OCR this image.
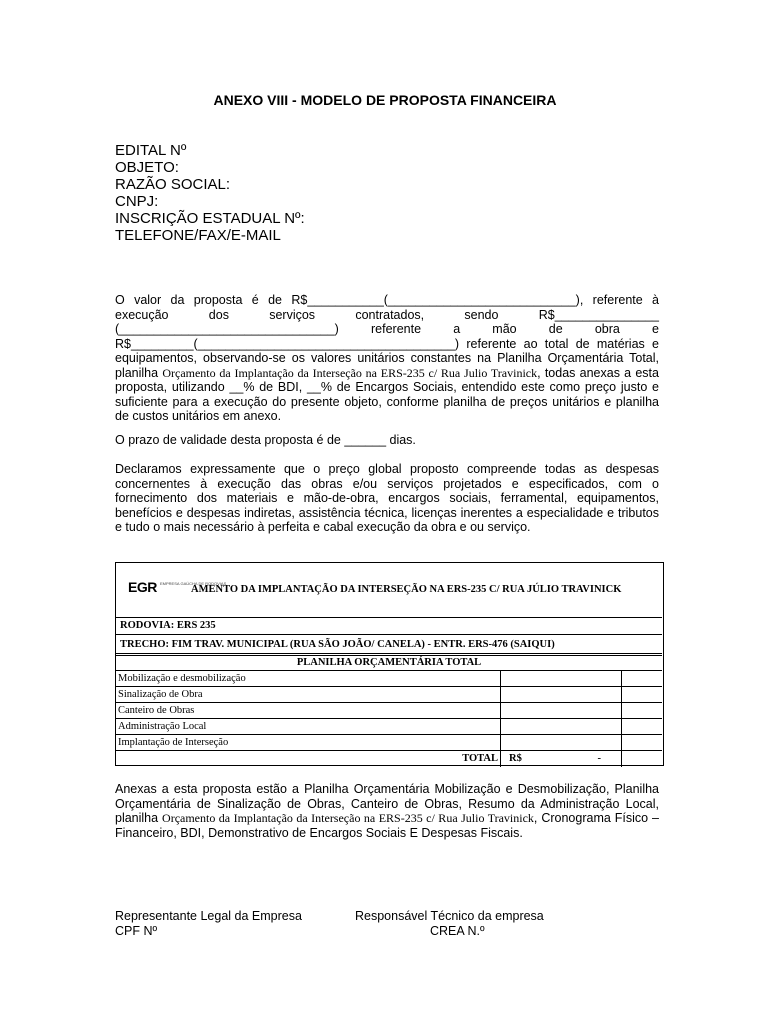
ANEXO VIII - MODELO DE PROPOSTA FINANCEIRA
EDITAL Nº
OBJETO:
RAZÃO SOCIAL:
CNPJ:
INSCRIÇÃO ESTADUAL Nº:
TELEFONE/FAX/E-MAIL
O valor da proposta é de R$___________(___________________________), referente à execução dos serviços contratados, sendo R$_______________ (_______________________________) referente a mão de obra e R$_________(_____________________________________) referente ao total de matérias e equipamentos, observando-se os valores unitários constantes na Planilha Orçamentária Total, planilha Orçamento da Implantação da Interseção na ERS-235 c/ Rua Julio Travinick, todas anexas a esta proposta, utilizando __% de BDI, __% de Encargos Sociais, entendido este como preço justo e suficiente para a execução do presente objeto, conforme planilha de preços unitários e planilha de custos unitários em anexo.
O prazo de validade desta proposta é de ______ dias.
Declaramos expressamente que o preço global proposto compreende todas as despesas concernentes à execução das obras e/ou serviços projetados e especificados, com o fornecimento dos materiais e mão-de-obra, encargos sociais, ferramental, equipamentos, benefícios e despesas indiretas, assistência técnica, licenças inerentes a especialidade e tributos e tudo o mais necessário à perfeita e cabal execução da obra e ou serviço.
EGR EMPRESA GAÚCHA DE RODOVIAS
AMENTO DA IMPLANTAÇÃO DA INTERSEÇÃO NA ERS-235 C/ RUA JÚLIO TRAVINICK
RODOVIA: ERS 235
TRECHO: FIM TRAV. MUNICIPAL (RUA SÃO JOÃO/ CANELA) - ENTR. ERS-476 (SAIQUI)
PLANILHA ORÇAMENTÁRIA TOTAL
Mobilização e desmobilização
Sinalização de Obra
Canteiro de Obras
Administração Local
Implantação de Interseção
TOTAL R$	-
Anexas a esta proposta estão a Planilha Orçamentária Mobilização e Desmobilização, Planilha Orçamentária de Sinalização de Obras, Canteiro de Obras, Resumo da Administração Local, planilha Orçamento da Implantação da Interseção na ERS-235 c/ Rua Julio Travinick, Cronograma Físico – Financeiro, BDI, Demonstrativo de Encargos Sociais E Despesas Fiscais.
Representante Legal da Empresa
CPF Nº
Responsável Técnico da empresa
CREA N.º
